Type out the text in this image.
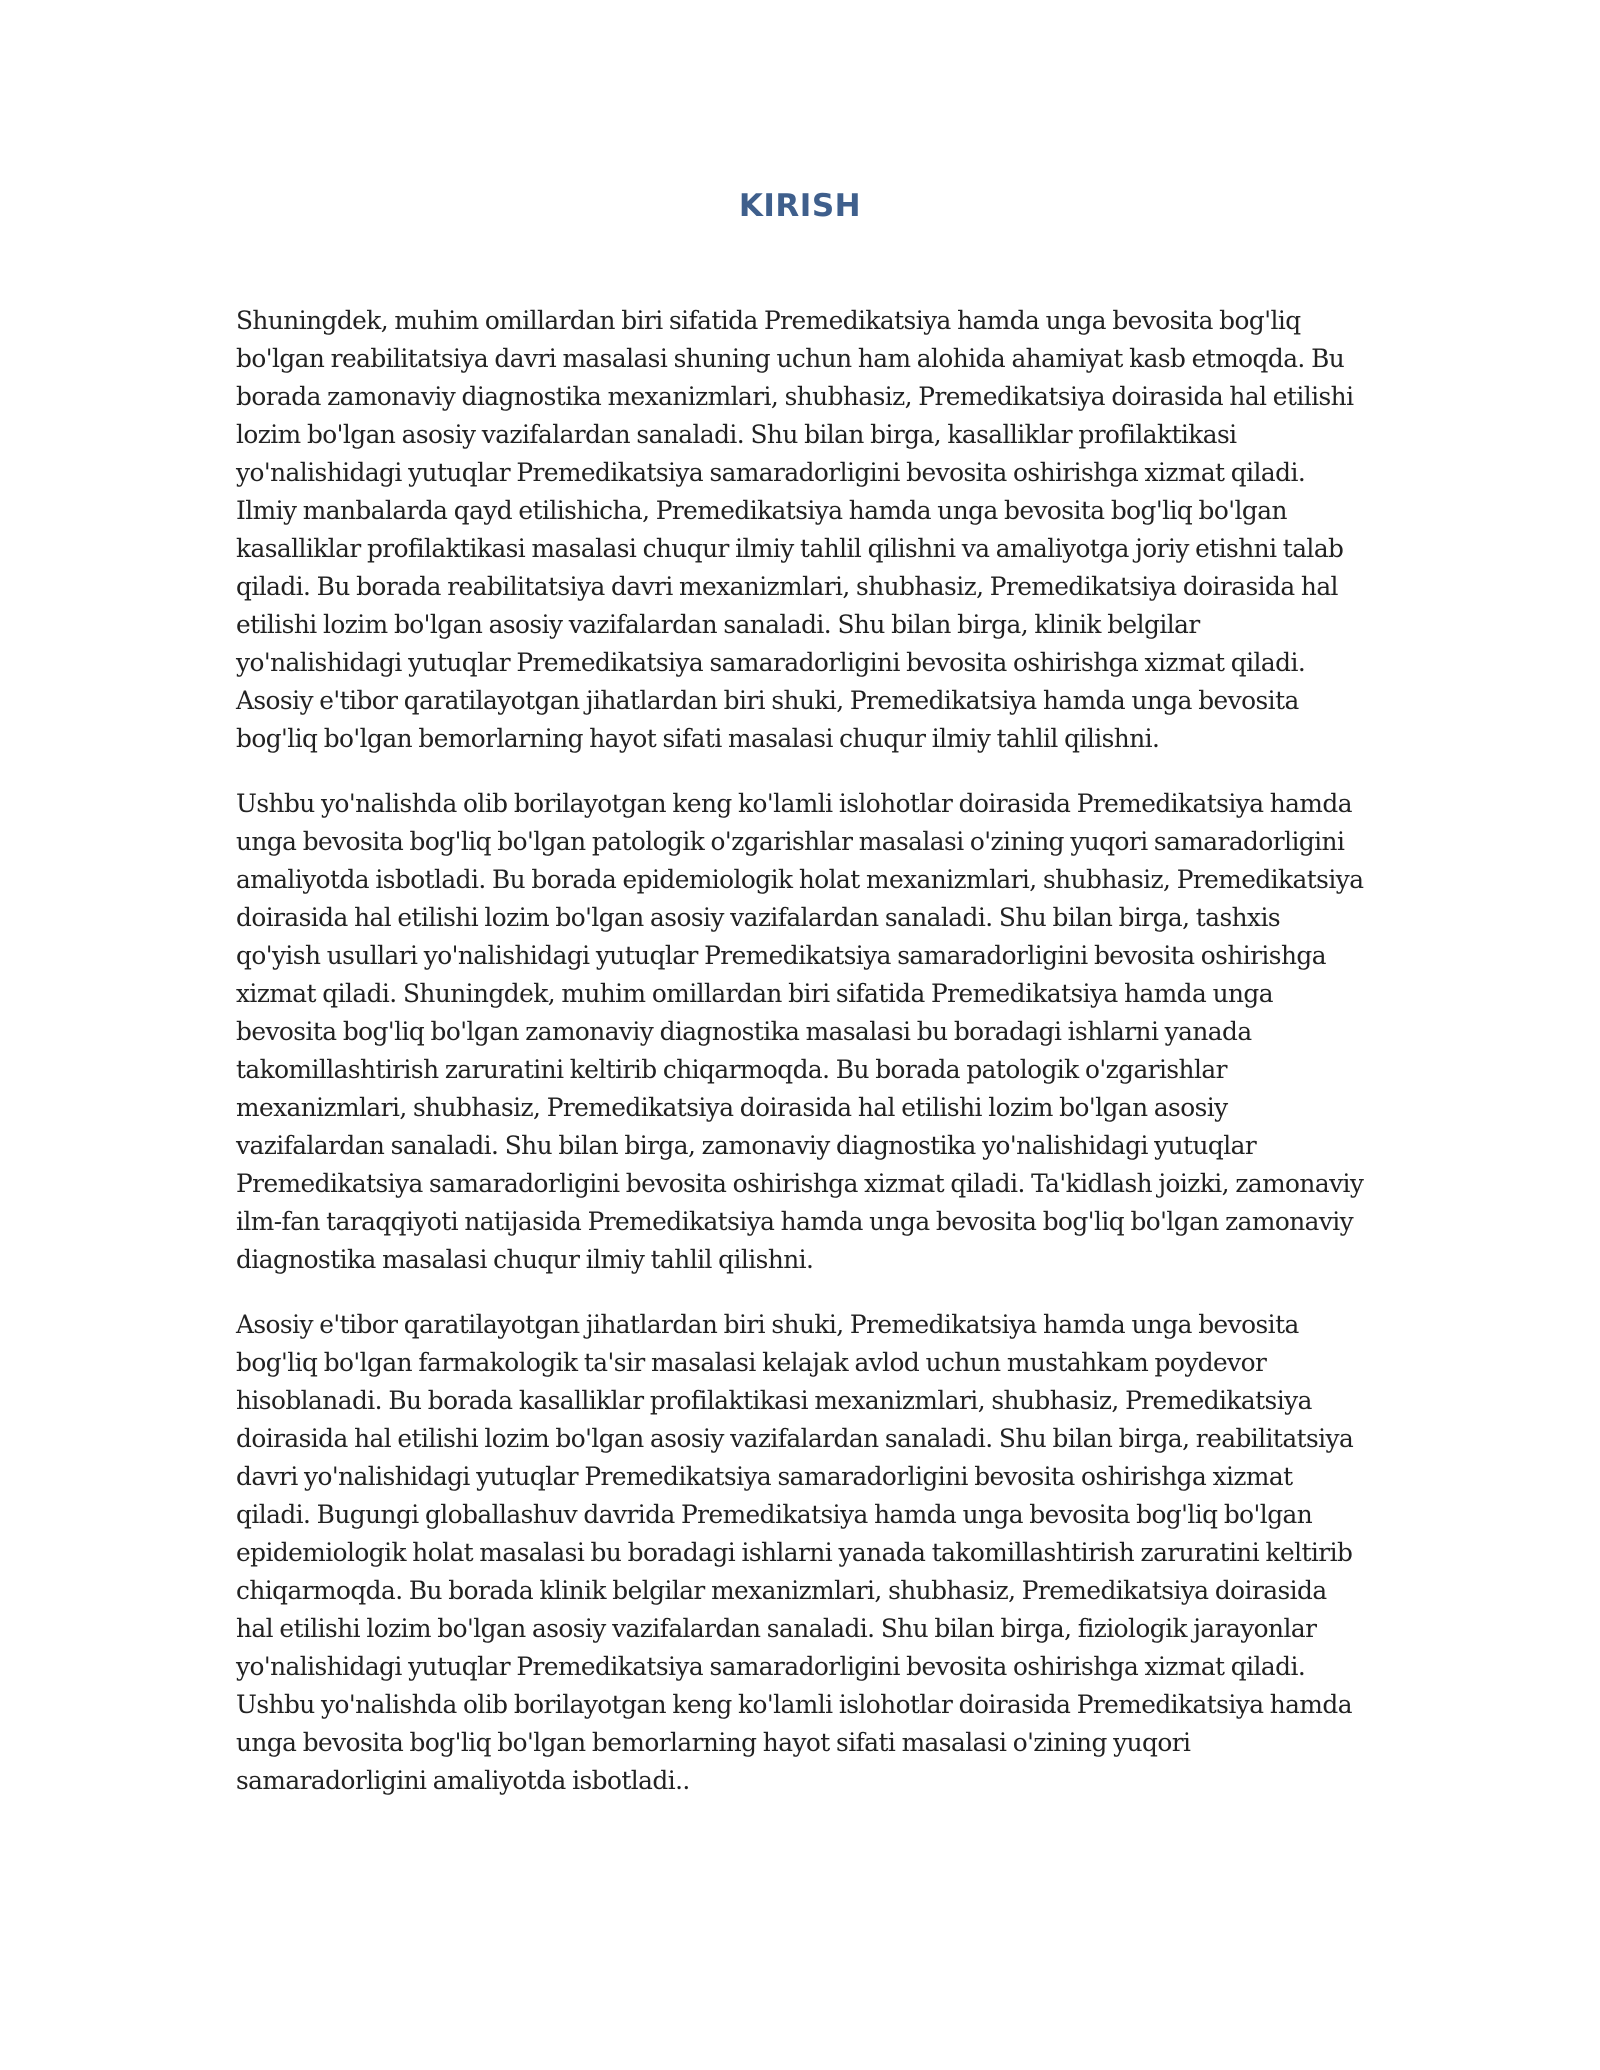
KIRISH

Shuningdek, muhim omillardan biri sifatida Premedikatsiya hamda unga bevosita bog'liq bo'lgan reabilitatsiya davri masalasi shuning uchun ham alohida ahamiyat kasb etmoqda. Bu borada zamonaviy diagnostika mexanizmlari, shubhasiz, Premedikatsiya doirasida hal etilishi lozim bo'lgan asosiy vazifalardan sanaladi. Shu bilan birga, kasalliklar profilaktikasi yo'nalishidagi yutuqlar Premedikatsiya samaradorligini bevosita oshirishga xizmat qiladi. Ilmiy manbalarda qayd etilishicha, Premedikatsiya hamda unga bevosita bog'liq bo'lgan kasalliklar profilaktikasi masalasi chuqur ilmiy tahlil qilishni va amaliyotga joriy etishni talab qiladi. Bu borada reabilitatsiya davri mexanizmlari, shubhasiz, Premedikatsiya doirasida hal etilishi lozim bo'lgan asosiy vazifalardan sanaladi. Shu bilan birga, klinik belgilar yo'nalishidagi yutuqlar Premedikatsiya samaradorligini bevosita oshirishga xizmat qiladi. Asosiy e'tibor qaratilayotgan jihatlardan biri shuki, Premedikatsiya hamda unga bevosita bog'liq bo'lgan bemorlarning hayot sifati masalasi chuqur ilmiy tahlil qilishni.

Ushbu yo'nalishda olib borilayotgan keng ko'lamli islohotlar doirasida Premedikatsiya hamda unga bevosita bog'liq bo'lgan patologik o'zgarishlar masalasi o'zining yuqori samaradorligini amaliyotda isbotladi. Bu borada epidemiologik holat mexanizmlari, shubhasiz, Premedikatsiya doirasida hal etilishi lozim bo'lgan asosiy vazifalardan sanaladi. Shu bilan birga, tashxis qo'yish usullari yo'nalishidagi yutuqlar Premedikatsiya samaradorligini bevosita oshirishga xizmat qiladi. Shuningdek, muhim omillardan biri sifatida Premedikatsiya hamda unga bevosita bog'liq bo'lgan zamonaviy diagnostika masalasi bu boradagi ishlarni yanada takomillashtirish zaruratini keltirib chiqarmoqda. Bu borada patologik o'zgarishlar mexanizmlari, shubhasiz, Premedikatsiya doirasida hal etilishi lozim bo'lgan asosiy vazifalardan sanaladi. Shu bilan birga, zamonaviy diagnostika yo'nalishidagi yutuqlar Premedikatsiya samaradorligini bevosita oshirishga xizmat qiladi. Ta'kidlash joizki, zamonaviy ilm-fan taraqqiyoti natijasida Premedikatsiya hamda unga bevosita bog'liq bo'lgan zamonaviy diagnostika masalasi chuqur ilmiy tahlil qilishni.

Asosiy e'tibor qaratilayotgan jihatlardan biri shuki, Premedikatsiya hamda unga bevosita bog'liq bo'lgan farmakologik ta'sir masalasi kelajak avlod uchun mustahkam poydevor hisoblanadi. Bu borada kasalliklar profilaktikasi mexanizmlari, shubhasiz, Premedikatsiya doirasida hal etilishi lozim bo'lgan asosiy vazifalardan sanaladi. Shu bilan birga, reabilitatsiya davri yo'nalishidagi yutuqlar Premedikatsiya samaradorligini bevosita oshirishga xizmat qiladi. Bugungi globallashuv davrida Premedikatsiya hamda unga bevosita bog'liq bo'lgan epidemiologik holat masalasi bu boradagi ishlarni yanada takomillashtirish zaruratini keltirib chiqarmoqda. Bu borada klinik belgilar mexanizmlari, shubhasiz, Premedikatsiya doirasida hal etilishi lozim bo'lgan asosiy vazifalardan sanaladi. Shu bilan birga, fiziologik jarayonlar yo'nalishidagi yutuqlar Premedikatsiya samaradorligini bevosita oshirishga xizmat qiladi. Ushbu yo'nalishda olib borilayotgan keng ko'lamli islohotlar doirasida Premedikatsiya hamda unga bevosita bog'liq bo'lgan bemorlarning hayot sifati masalasi o'zining yuqori samaradorligini amaliyotda isbotladi..
